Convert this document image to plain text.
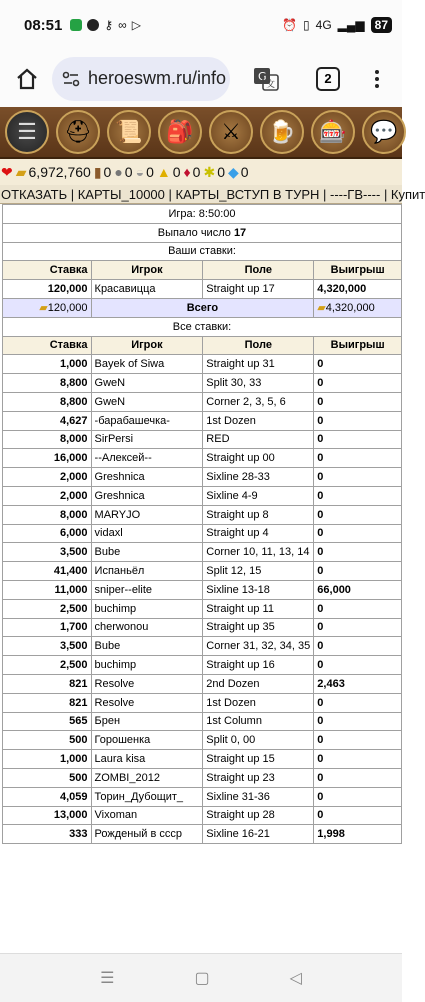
08:51	⚷ ∞ ▷	⏰ ▯ 4G ▂▄▆ 87
heroeswm.ru/info	G
文	2
☰	⛑	📜	🎒	⚔	🍺	🎰	💬
❤ ▰ 6,972,760 ▮ 0 ● 0 ◒ 0 ▲ 0 ♦ 0 ✱ 0 ◆ 0
ОТКАЗАТЬ | КАРТЫ_10000 | КАРТЫ_ВСТУП В ТУРН | ----ГВ---- | Купит
Игра: 8:50:00			
Выпало число 17			
Ваши ставки:			
Ставка	Игрок	Поле	Выигрыш
120,000	Красавицца	Straight up 17	4,320,000
▰120,000	Всего		▰4,320,000
Все ставки:			
Ставка	Игрок	Поле	Выигрыш
1,000	Bayek of Siwa	Straight up 31	0
8,800	GweN	Split 30, 33	0
8,800	GweN	Corner 2, 3, 5, 6	0
4,627	-барабашечка-	1st Dozen	0
8,000	SirPersi	RED	0
16,000	--Алексей--	Straight up 00	0
2,000	Greshnica	Sixline 28-33	0
2,000	Greshnica	Sixline 4-9	0
8,000	MARYJO	Straight up 8	0
6,000	vidaxl	Straight up 4	0
3,500	Bube	Corner 10, 11, 13, 14	0
41,400	Испаньёл	Split 12, 15	0
11,000	sniper--elite	Sixline 13-18	66,000
2,500	buchimp	Straight up 11	0
1,700	cherwonou	Straight up 35	0
3,500	Bube	Corner 31, 32, 34, 35	0
2,500	buchimp	Straight up 16	0
821	Resolve	2nd Dozen	2,463
821	Resolve	1st Dozen	0
565	Брен	1st Column	0
500	Горошенка	Split 0, 00	0
1,000	Laura kisa	Straight up 15	0
500	ZOMBI_2012	Straight up 23	0
4,059	Торин_Дубощит_	Sixline 31-36	0
13,000	Vixoman	Straight up 28	0
333	Рожденый в ссср	Sixline 16-21	1,998
☰	▢	◁
